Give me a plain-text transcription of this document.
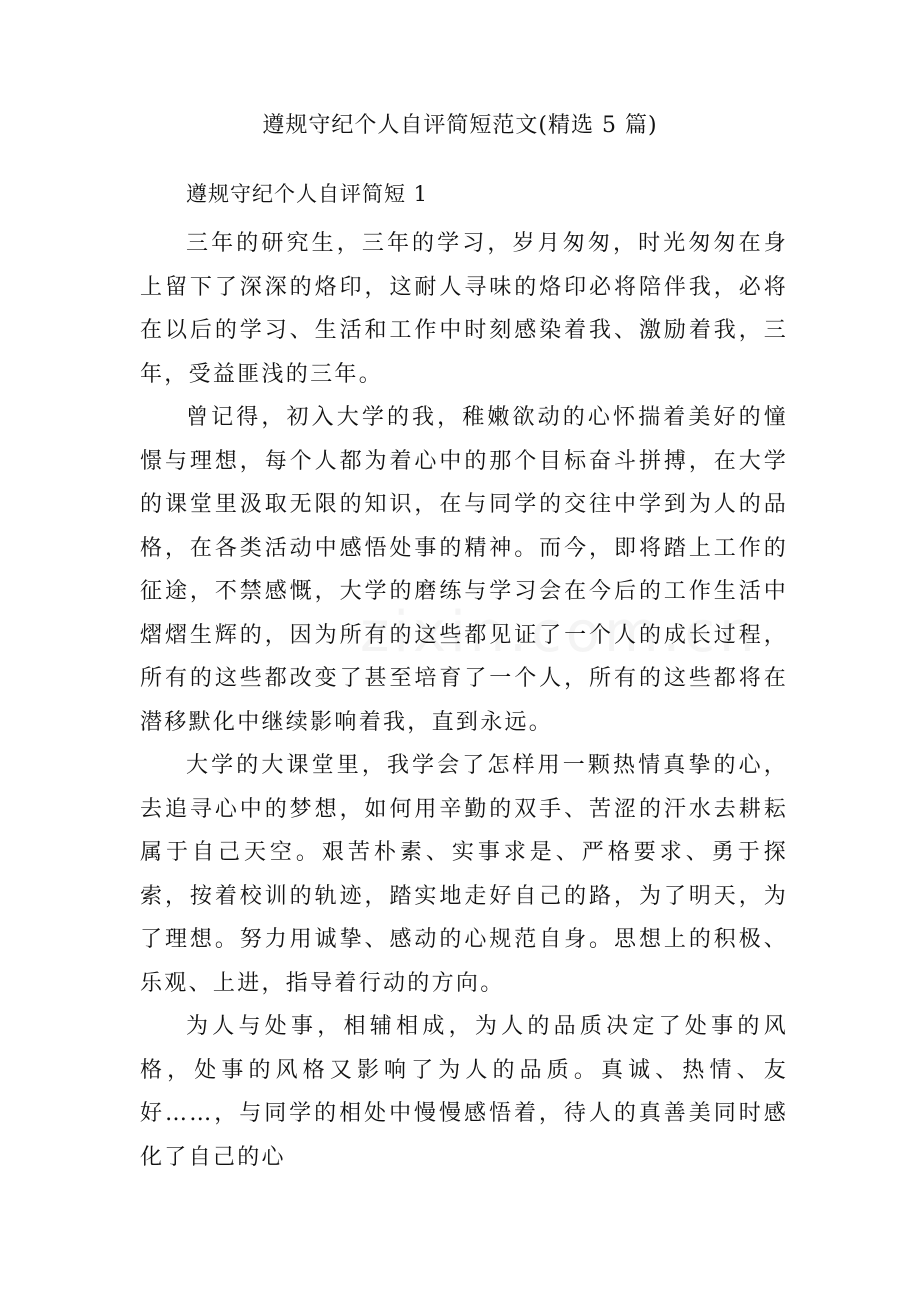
遵规守纪个人自评简短范文(精选 5 篇)
遵规守纪个人自评简短 1

三年的研究生，三年的学习，岁月匆匆，时光匆匆在身上留下了深深的烙印，这耐人寻味的烙印必将陪伴我，必将在以后的学习、生活和工作中时刻感染着我、激励着我，三年，受益匪浅的三年。

曾记得，初入大学的我，稚嫩欲动的心怀揣着美好的憧憬与理想，每个人都为着心中的那个目标奋斗拼搏，在大学的课堂里汲取无限的知识，在与同学的交往中学到为人的品格，在各类活动中感悟处事的精神。而今，即将踏上工作的征途，不禁感慨，大学的磨练与学习会在今后的工作生活中熠熠生辉的，因为所有的这些都见证了一个人的成长过程，所有的这些都改变了甚至培育了一个人，所有的这些都将在潜移默化中继续影响着我，直到永远。

大学的大课堂里，我学会了怎样用一颗热情真挚的心，去追寻心中的梦想，如何用辛勤的双手、苦涩的汗水去耕耘属于自己天空。艰苦朴素、实事求是、严格要求、勇于探索，按着校训的轨迹，踏实地走好自己的路，为了明天，为了理想。努力用诚挚、感动的心规范自身。思想上的积极、乐观、上进，指导着行动的方向。

为人与处事，相辅相成，为人的品质决定了处事的风格，处事的风格又影响了为人的品质。真诚、热情、友好……，与同学的相处中慢慢感悟着，待人的真善美同时感化了自己的心
